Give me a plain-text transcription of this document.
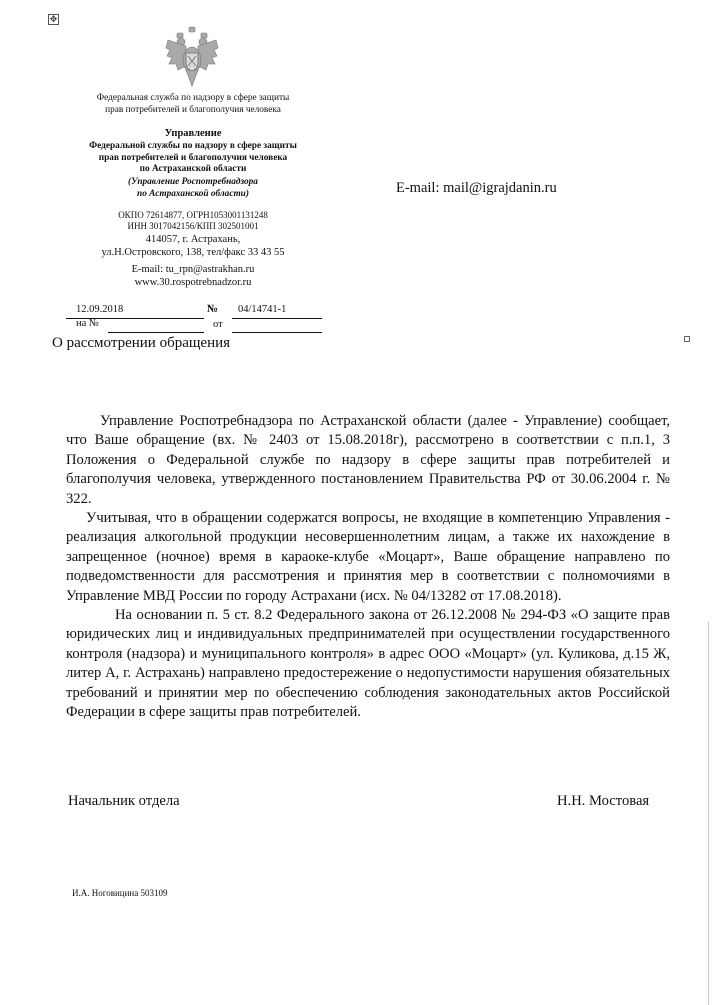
✥
Федеральная служба по надзору в сфере защиты
прав потребителей и благополучия человека
Управление
Федеральной службы по надзору в сфере защиты
прав потребителей и благополучия человека
по Астраханской области
(Управление Роспотребнадзора
по Астраханской области)
ОКПО 72614877, ОГРН1053001131248
ИНН 3017042156/КПП 302501001
414057, г. Астрахань,
ул.Н.Островского, 138, тел/факс 33 43 55
E-mail: tu_rpn@astrakhan.ru
www.30.rospotrebnadzor.ru
E-mail: mail@igrajdanin.ru
12.09.2018	№ 04/14741-1
на №	от
О рассмотрении обращения

Управление Роспотребнадзора по Астраханской области (далее - Управление) сообщает, что Ваше обращение (вх. № 2403 от 15.08.2018г), рассмотрено в соответствии с п.п.1, 3 Положения о Федеральной службе по надзору в сфере защиты прав потребителей и благополучия человека, утвержденного постановлением Правительства РФ от 30.06.2004 г. № 322.

Учитывая, что в обращении содержатся вопросы, не входящие в компетенцию Управления - реализация алкогольной продукции несовершеннолетним лицам, а также их нахождение в запрещенное (ночное) время в караоке-клубе «Моцарт», Ваше обращение направлено по подведомственности для рассмотрения и принятия мер в соответствии с полномочиями в Управление МВД России по городу Астрахани (исх. № 04/13282 от 17.08.2018).

На основании п. 5 ст. 8.2 Федерального закона от 26.12.2008 № 294-ФЗ «О защите прав юридических лиц и индивидуальных предпринимателей при осуществлении государственного контроля (надзора) и муниципального контроля» в адрес ООО «Моцарт» (ул. Куликова, д.15 Ж, литер А, г. Астрахань) направлено предостережение о недопустимости нарушения обязательных требований и принятии мер по обеспечению соблюдения законодательных актов Российской Федерации в сфере защиты прав потребителей.

Начальник отдела	Н.Н. Мостовая
И.А. Ноговицина 503109
